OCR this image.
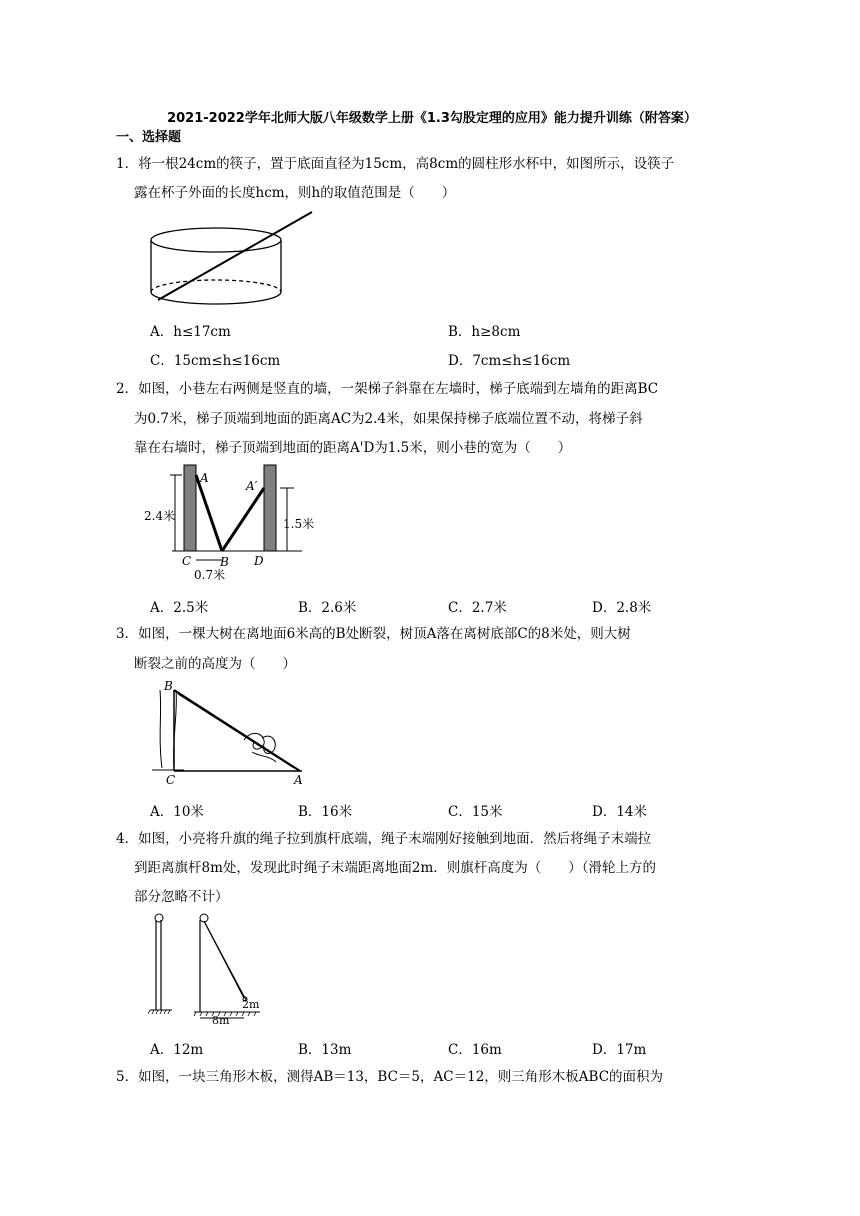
2021-2022学年北师大版八年级数学上册《1.3勾股定理的应用》能力提升训练（附答案）
一、选择题
1．将一根24cm的筷子，置于底面直径为15cm，高8cm的圆柱形水杯中，如图所示，设筷子
露在杯子外面的长度hcm，则h的取值范围是（　　）
A．h≤17cm	B．h≥8cm
C．15cm≤h≤16cm	D．7cm≤h≤16cm
2．如图，小巷左右两侧是竖直的墙，一架梯子斜靠在左墙时，梯子底端到左墙角的距离BC
为0.7米，梯子顶端到地面的距离AC为2.4米，如果保持梯子底端位置不动，将梯子斜
靠在右墙时，梯子顶端到地面的距离A'D为1.5米，则小巷的宽为（　　）
A
A′
C B D
2.4米
1.5米
0.7米
A．2.5米	B．2.6米	C．2.7米	D．2.8米
3．如图，一棵大树在离地面6米高的B处断裂，树顶A落在离树底部C的8米处，则大树
断裂之前的高度为（　　）
B
C	A
A．10米	B．16米	C．15米	D．14米
4．如图，小亮将升旗的绳子拉到旗杆底端，绳子末端刚好接触到地面．然后将绳子末端拉
到距离旗杆8m处，发现此时绳子末端距离地面2m．则旗杆高度为（　　）（滑轮上方的
部分忽略不计）
2m
8m
A．12m	B．13m	C．16m	D．17m
5．如图，一块三角形木板，测得AB＝13，BC＝5，AC＝12，则三角形木板ABC的面积为
